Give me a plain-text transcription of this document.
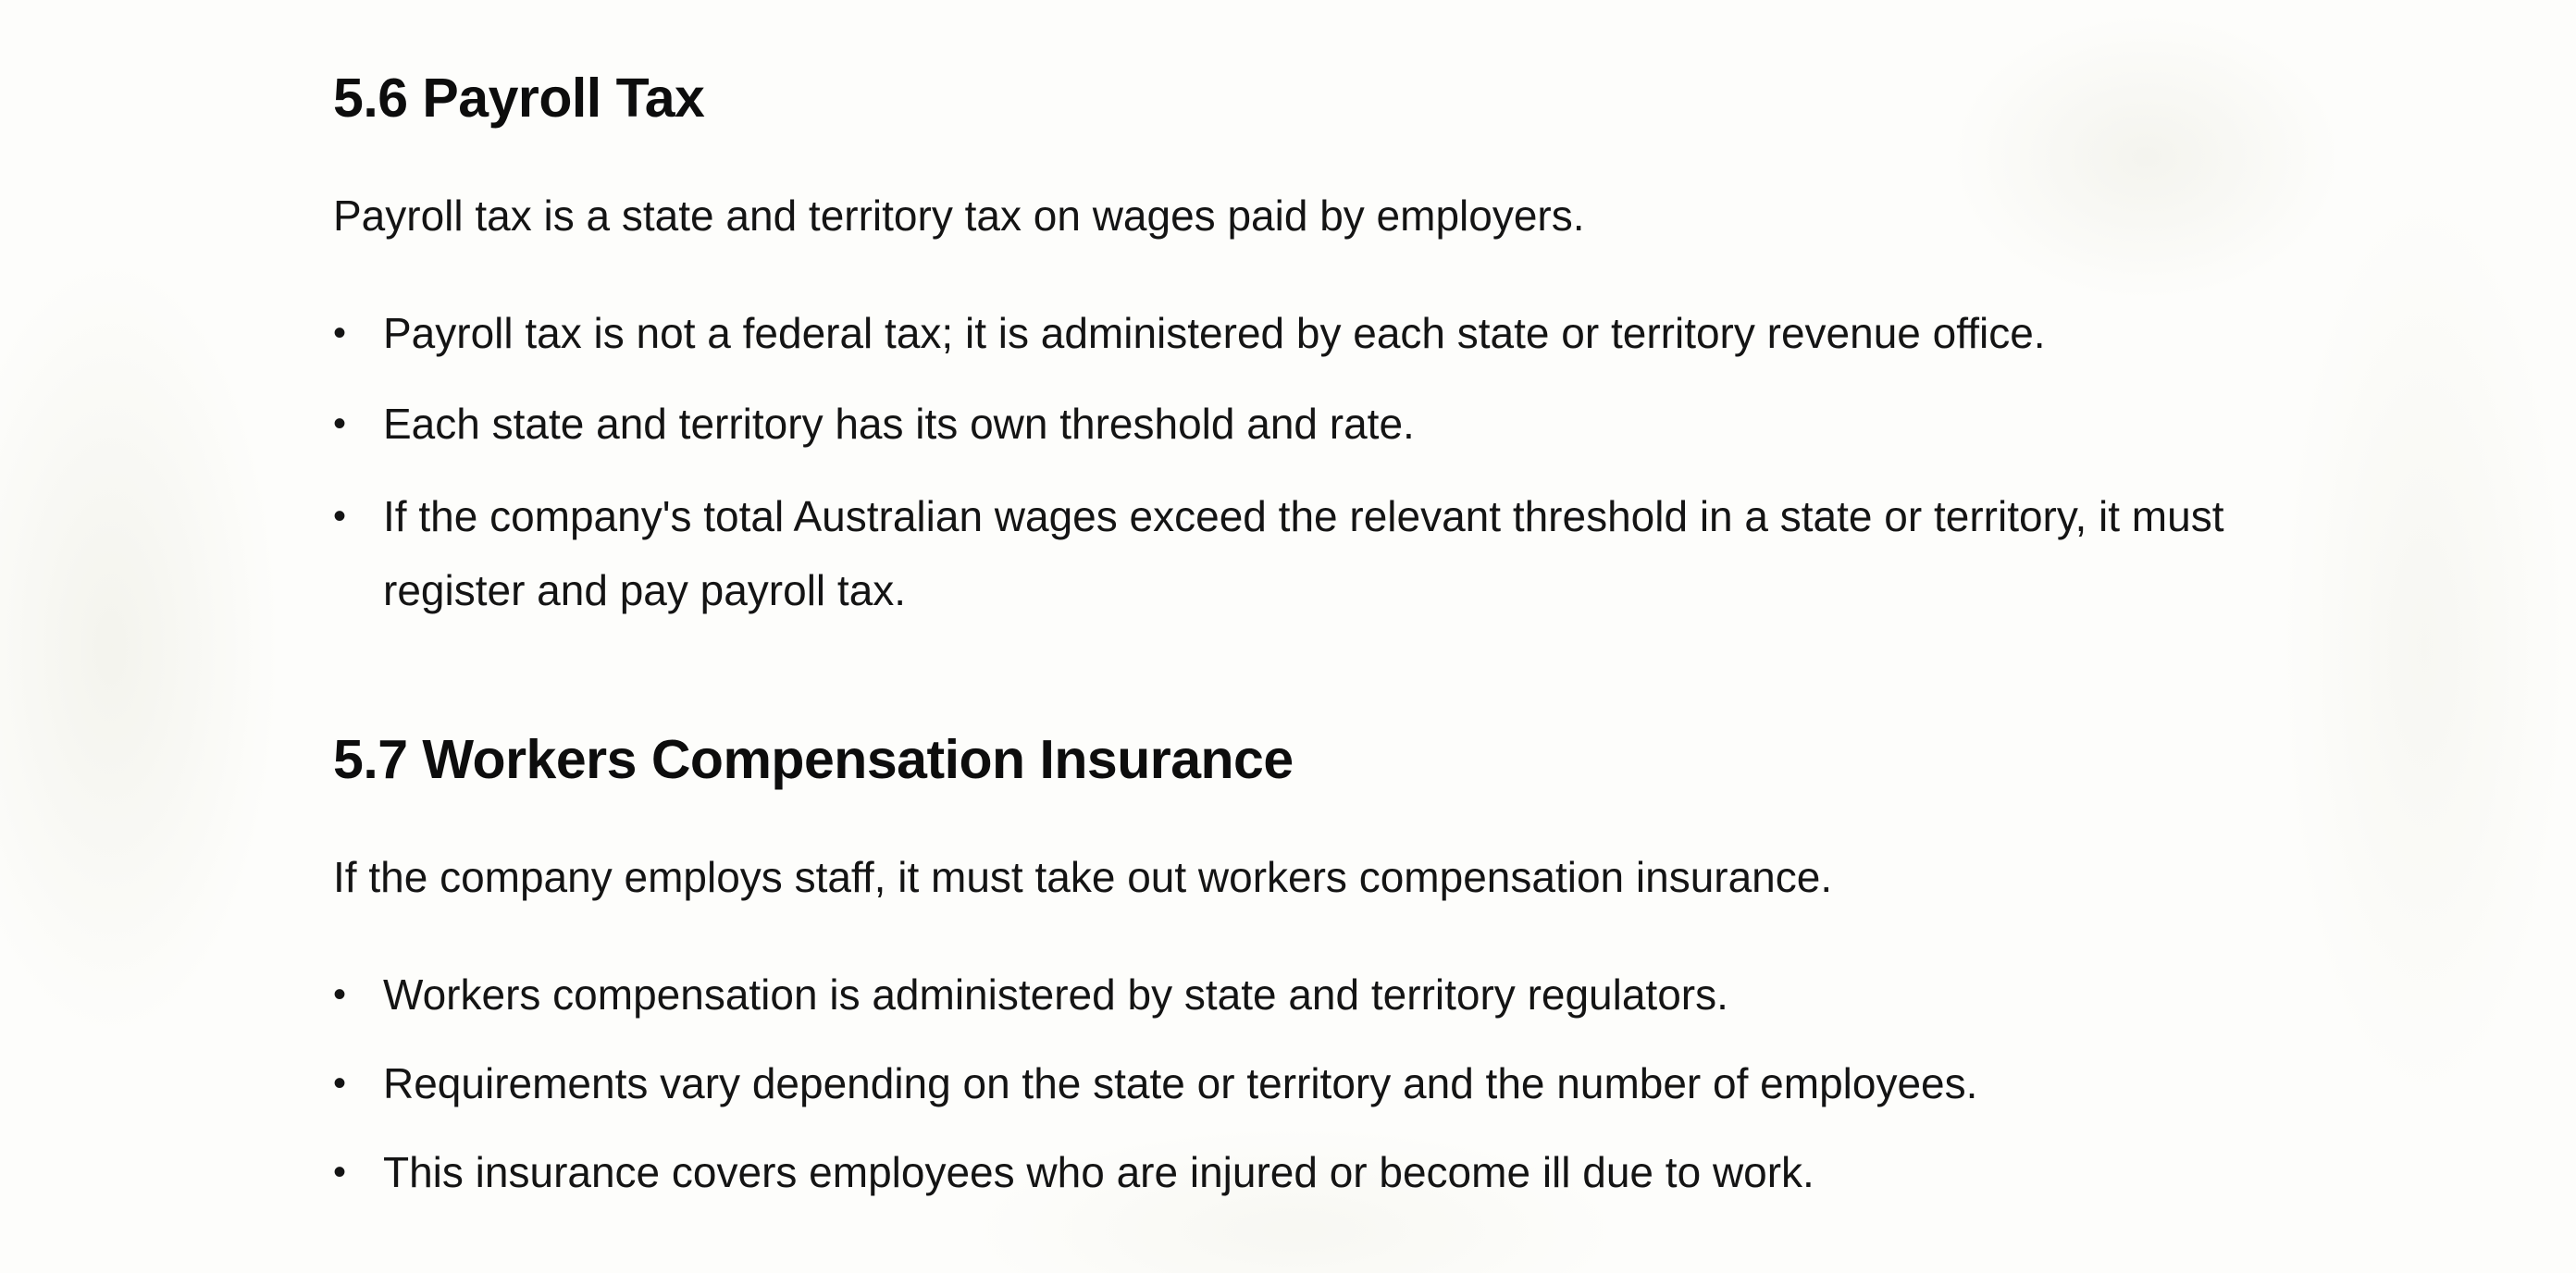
5.6 Payroll Tax

Payroll tax is a state and territory tax on wages paid by employers.

• Payroll tax is not a federal tax; it is administered by each state or territory revenue office.
• Each state and territory has its own threshold and rate.
• If the company's total Australian wages exceed the relevant threshold in a state or territory, it must register and pay payroll tax.
5.7 Workers Compensation Insurance

If the company employs staff, it must take out workers compensation insurance.

• Workers compensation is administered by state and territory regulators.
• Requirements vary depending on the state or territory and the number of employees.
• This insurance covers employees who are injured or become ill due to work.
